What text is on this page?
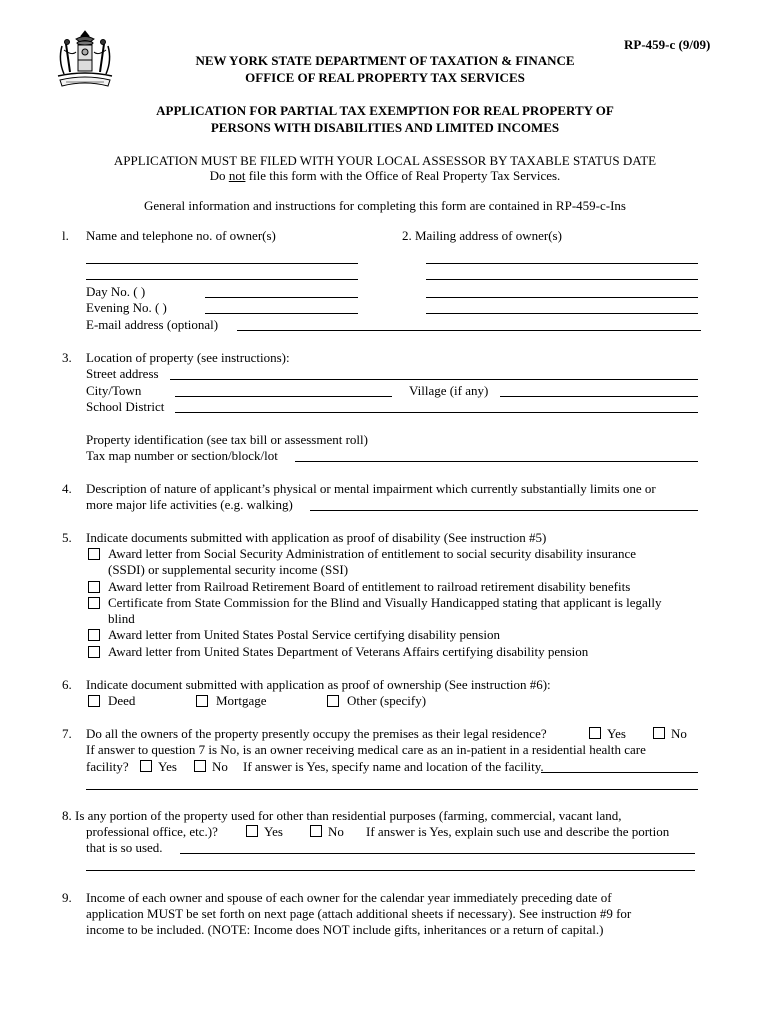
RP-459-c (9/09)
NEW YORK STATE DEPARTMENT OF TAXATION & FINANCE
OFFICE OF REAL PROPERTY TAX SERVICES
APPLICATION FOR PARTIAL TAX EXEMPTION FOR REAL PROPERTY OF
PERSONS WITH DISABILITIES AND LIMITED INCOMES
APPLICATION MUST BE FILED WITH YOUR LOCAL ASSESSOR BY TAXABLE STATUS DATE
Do not file this form with the Office of Real Property Tax Services.
General information and instructions for completing this form are contained in RP-459-c-Ins
l. Name and telephone no. of owner(s)	2. Mailing address of owner(s)
Day No. ( )
Evening No. ( )
E-mail address (optional)
3. Location of property (see instructions):
Street address
City/Town	Village (if any)
School District
Property identification (see tax bill or assessment roll)
Tax map number or section/block/lot
4. Description of nature of applicant’s physical or mental impairment which currently substantially limits one or
more major life activities (e.g. walking)
5. Indicate documents submitted with application as proof of disability (See instruction #5)
Award letter from Social Security Administration of entitlement to social security disability insurance
(SSDI) or supplemental security income (SSI)
Award letter from Railroad Retirement Board of entitlement to railroad retirement disability benefits
Certificate from State Commission for the Blind and Visually Handicapped stating that applicant is legally
blind
Award letter from United States Postal Service certifying disability pension
Award letter from United States Department of Veterans Affairs certifying disability pension
6. Indicate document submitted with application as proof of ownership (See instruction #6):
Deed	Mortgage	Other (specify)
7. Do all the owners of the property presently occupy the premises as their legal residence?	Yes	No
If answer to question 7 is No, is an owner receiving medical care as an in-patient in a residential health care
facility? Yes	No If answer is Yes, specify name and location of the facility.
8. Is any portion of the property used for other than residential purposes (farming, commercial, vacant land,
professional office, etc.)?	Yes	No If answer is Yes, explain such use and describe the portion
that is so used.
9. Income of each owner and spouse of each owner for the calendar year immediately preceding date of
application MUST be set forth on next page (attach additional sheets if necessary). See instruction #9 for
income to be included. (NOTE: Income does NOT include gifts, inheritances or a return of capital.)
